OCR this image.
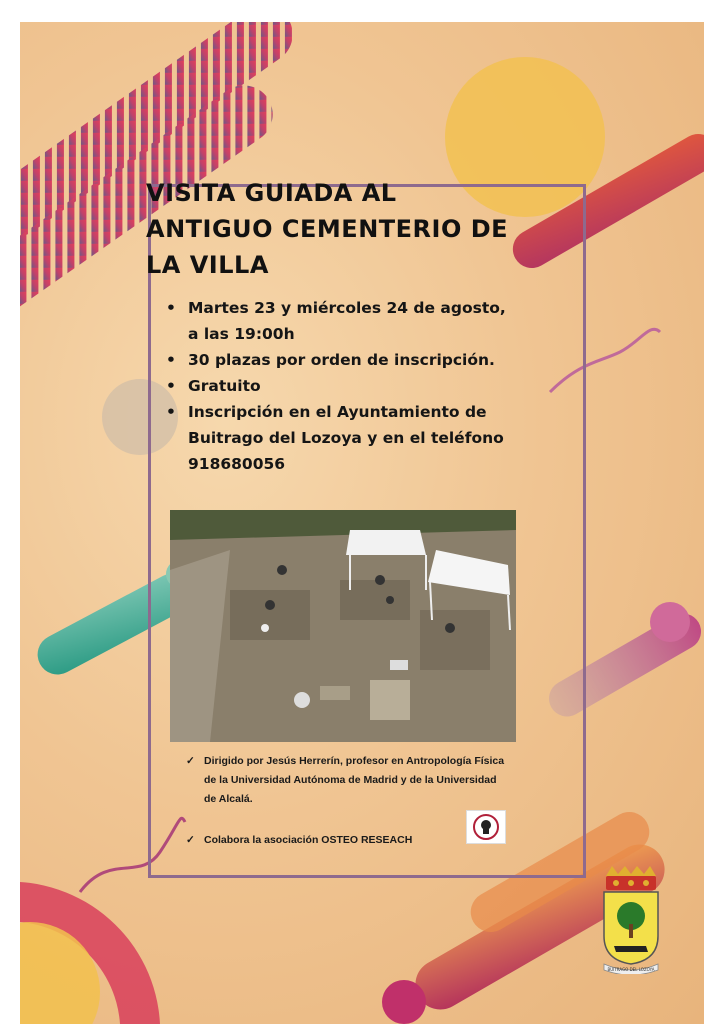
VISITA GUIADA AL
ANTIGUO CEMENTERIO DE
LA VILLA
• Martes 23 y miércoles 24 de agosto,
a las 19:00h
• 30 plazas por orden de inscripción.
• Gratuito
• Inscripción en el Ayuntamiento de
Buitrago del Lozoya y en el teléfono
918680056
✓ Dirigido por Jesús Herrerín, profesor en Antropología Física
de la Universidad Autónoma de Madrid y de la Universidad
de Alcalá.
✓ Colabora la asociación OSTEO RESEACH
BUITRAGO DEL LOZOYA
